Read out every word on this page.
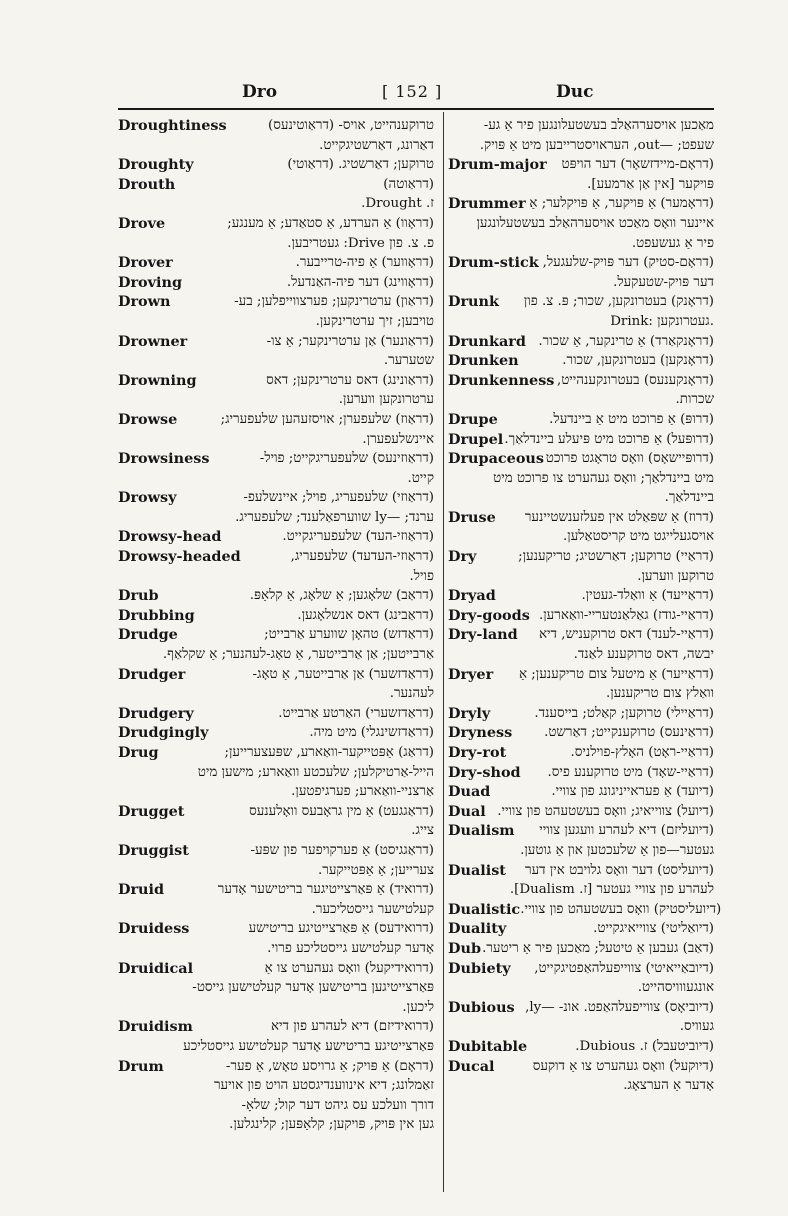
Dro	[ 152 ]	Duc
Droughtiness	טרוקענהייט, אויס- (דראַוטינעס)
דאַרונג, דאַרשטיגקייט.
Droughty	טרוקען; דאַרשטיג. (דראַוטי)
Drouth	(דראַוטה)
ז. Drought.
Drove	(דראָוו) אַ הערדע, אַ סטאַדע; אַ מענגע;
פ. צ. פון Drive: געטריבען.
Drover	(דראָווער) אַ פיה-טרייבער.
Droving	(דראָווינג) דער פיה-האַנדעל.
Drown	(דראַון) ערטרינקען; פערצווייפלען; בע-
טויבען; זיך ערטרינקען.
Drowner	(דראַונער) אַן ערטרינקער; אַ צו-
שטערער.
Drowning	(דראַונינג) דאס ערטרינקען; דאס
ערטרונקען ווערען.
Drowse	(דראַוז) שלעפערן; אויסזעהען שלעפעריג;
איינשלעפערן.
Drowsiness	(דראַוזינעס) שלעפעריגקייט; פויל-
קייט.
Drowsy	(דראַוזי) שלעפעריג, פויל; איינשלעפ-
ערנד; —ly שווערפאַלענד; שלעפעריג.
Drowsy-head	(דראַוזי-העד) שלעפעריגקייט.
Drowsy-headed	(דראַוזי-העדעד) שלעפעריג,
פויל.
Drub	(דראַב) שלאָגען; אַ שלאָג, אַ קלאַפּ.
Drubbing	(דראַבינג) דאס אנשלאָגען.
Drudge	(דראַדזש) טהאָן שווערע אַרבייט;
אַרבייטען; אַן אַרבייטער, אַ טאָג-לעהנער; אַ שקלאַף.
Drudger	(דראַדזשער) אַן אַרבייטער, אַ טאָג-
לעהנער.
Drudgery	(דראַדזשערי) האַרטע אַרבייט.
Drudgingly	(דראַדזשינגלי) מיט מיה.
Drug	(דראַג) אַפּטייקער-וואַארע, שפּעצערייען;
הייל-אַרטיקלען; שלעכטע וואַארע; מישען מיט
אַרצניי-וואַארע; פערגיפטען.
Drugget	(דראַגגעט) אַ מין גראָבעס וואָלענעס
צייג.
Druggist	(דראַגגיסט) אַ פערקויפער פון שפּע-
צערייען; אַ אַפּטייקער.
Druid	(דרואיד) אַ פּאַרצייטיגער בריטישער אָדער
קעלטישער גייסטליכער.
Druidess	(דרואידעס) אַ פּאַרצייטיגע בריטישע
אָדער קעלטישע גייסטליכע פרוי.
Druidical	(דרואידיקעל) וואָס געהערט צו אַ
פּאַרצייטיגען בריטישען אָדער קעלטישען גייסט-
ליכען.
Druidism	(דרואידיזם) דיא לעהרע פון דיא
פּאַרצייטיגע בריטישע אָדער קעלטישע גייסטליכע
Drum	(דראָם) אַ פּויק; אַ גרויסע טאָש, אַ פער-
זאַמלונג; דיא אינווענדיגסטע הויט פון אויער
דורך וועלכע עס גיהט דער קול; שלאָ-
גען אין פּויק, פּויקען; קלאַפּען; קלינגלען.
מאַכען אויסערהאַלב בעשטעלונגען פיר אַ גע-
שעפט; —out, העראויסטרייבען מיט אַ פּויק.
Drum-major (דראָם-מיידזשאָר) דער הויפּט
פּויקער [אין אַן אַרמעע].
Drummer (דראָמער) אַ פּויקער, אַ פּויקלער; אַ
איינער וואָס מאַכט אויסערהאַלב בעשטעלונגען
פיר אַ געשעפט.
Drum-stick (דראָם-סטיק) דער פּויק-שלעגעל,
דער פּויק-שטעקעל.
Drunk (דראָנק) בעטרונקען, שכור; פּ. צ. פון
Drink: געטרונקען.
Drunkard (דראָנקאַרד) אַ טרינקער, אַ שכור.
Drunken	(דראָנקען) בעטרונקען, שכור.
Drunkenness (דראָנקענעס) בעטרונקענהייט,
שכרות.
Drupe	(דרופּ) אַ פרוכט מיט אַ ביינדעל.
Drupel (דרופּעל) אַ פרוכט מיט פּיעלע ביינדלאַך.
Drupaceous (דרופּיישאָס) וואָס טראָגט פרוכט
מיט ביינדלאַך; וואָס געהערט צו פרוכט מיט
ביינדלאַך.
Druse (דרוז) אַ שפּאַלט אין פעלזענשטיינער
אויסגעלייגט מיט קריסטאַלען.
Dry	(דראַיי) טרוקען; דאַרשטיג; טריקענען;
טרוקען ווערען.
Dryad	(דראַייעד) אַ וואַלד-געטין.
Dry-goods (דראַיי-גודז) גאַלאַנטעריי-וואַארען.
Dry-land (דראַיי-לענד) דאס טרוקעניש, דיא
יבשה, דאס טרוקענע לאַנד.
Dryer (דראַייער) אַ מיטעל צום טריקענען; אַ
וואַלץ צום טריקענען.
Dryly	(דראַיילי) טרוקען; קאַלט; בייסענד.
Dryness (דראַינעס) טרוקענקייט; דאַרשט.
Dry-rot	(דראַיי-ראָט) האָלץ-פוילניס.
Dry-shod (דראַיי-שאָד) מיט טרוקענע פיס.
Duad	(דיועד) אַ פעראייניגונג פון צוויי.
Dual (דיועל) צווייאיג; וואָס בעשטעהט פון צוויי.
Dualism (דיועליזם) דיא לעהרע וועגען צוויי
געטער—פון אַ שלעכטען און אַ גוטען.
Dualist (דיועליסט) דער וואָס גלויבט אין דער
לעהרע פון צוויי געטער [ז. Dualism].
Dualistic (דיועליסטיק) וואָס בעשטעהט פון צוויי.
Duality	(דיואַליטי) צווייאיגקייט.
Dub (דאַב) געבען אַ טיטעל; מאַכען פיר אַ ריטער.
Dubiety (דיובאַייאיטי) צווייפעלהאַפטיגקייט,
אונגעווויסהייט.
Dubious (דיוביאָס) צווייפעלהאַפט. אונ- —ly,
געוויס.
Dubitable	(דיוביטעבל) ז. Dubious.
Ducal	(דיוקעל) וואָס געהערט צו אַ דוקעס
אָדער אַ הערצאָג.
